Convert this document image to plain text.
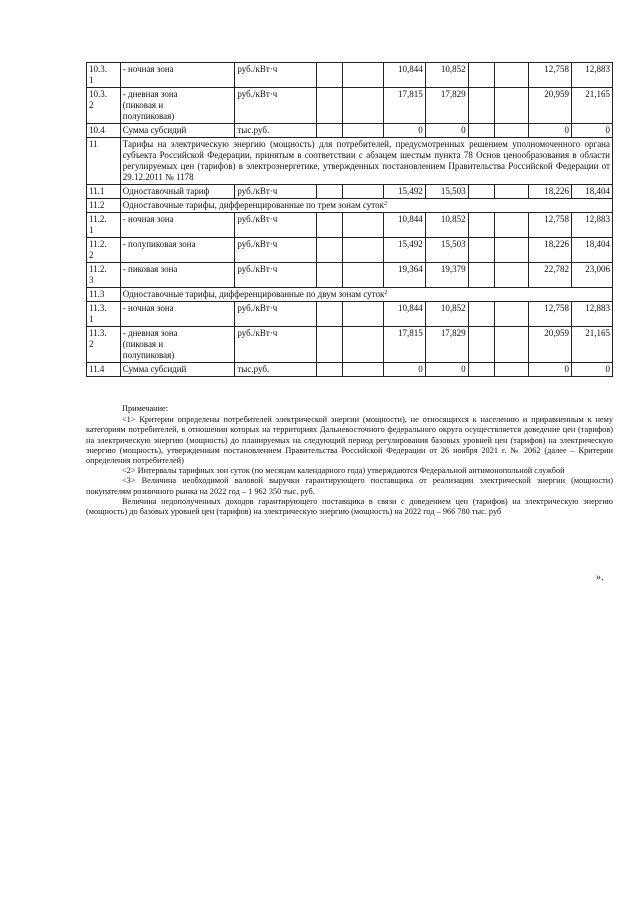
10.3.
1	- ночная зона	руб./кВт·ч			10,844	10,852			12,758	12,883
10.3.
2	- дневная зона
(пиковая и
полупиковая)	руб./кВт·ч			17,815	17,829			20,959	21,165
10.4	Сумма субсидий	тыс.руб.			0	0			0	0
11	Тарифы на электрическую энергию (мощность) для потребителей, предусмотренных решением уполномоченного органа субъекта Российской Федерации, принятым в соответствии с абзацем шестым пункта 78 Основ ценообразования в области регулируемых цен (тарифов) в электроэнергетике, утвержденных постановлением Правительства Российской Федерации от 29.12.2011 № 1178									
11.1	Одноставочный тариф	руб./кВт·ч			15,492	15,503			18,226	18,404
11.2	Одноставочные тарифы, дифференцированные по трем зонам суток$^2$
11.2.
1	- ночная зона	руб./кВт·ч			10,844	10,852			12,758	12,883
11.2.
2	- полупиковая зона	руб./кВт·ч			15,492	15,503			18,226	18,404
11.2.
3	- пиковая зона	руб./кВт·ч			19,364	19,379			22,782	23,006
11.3	Одноставочные тарифы, дифференцированные по двум зонам суток$^2$
11.3.
1	- ночная зона	руб./кВт·ч			10,844	10,852			12,758	12,883
11.3.
2	- дневная зона
(пиковая и
полупиковая)	руб./кВт·ч			17,815	17,829			20,959	21,165
11.4	Сумма субсидий	тыс.руб.			0	0			0	0

Примечание:

<1> Критерии определены потребителей электрической энергии (мощности), не относящихся к населению и приравненным к нему категориям потребителей, в отношении которых на территориях Дальневосточного федерального округа осуществляется доведение цен (тарифов) на электрическую энергию (мощность) до планируемых на следующий период регулирования базовых уровней цен (тарифов) на электрическую энергию (мощность), утвержденным постановлением Правительства Российской Федерации от 26 ноября 2021 г. № 2062 (далее – Критерии определения потребителей)

<2> Интервалы тарифных зон суток (по месяцам календарного года) утверждаются Федеральной антимонопольной службой

<3> Величина необходимой валовой выручки гарантирующего поставщика от реализации электрической энергии (мощности) покупателям розничного рынка на 2022 год – 1 962 350 тыс. руб.

Величина недополученных доходов гарантирующего поставщика в связи с доведением цен (тарифов) на электрическую энергию (мощность) до базовых уровней цен (тарифов) на электрическую энергию (мощность) на 2022 год – 966 780 тыс. руб

».
